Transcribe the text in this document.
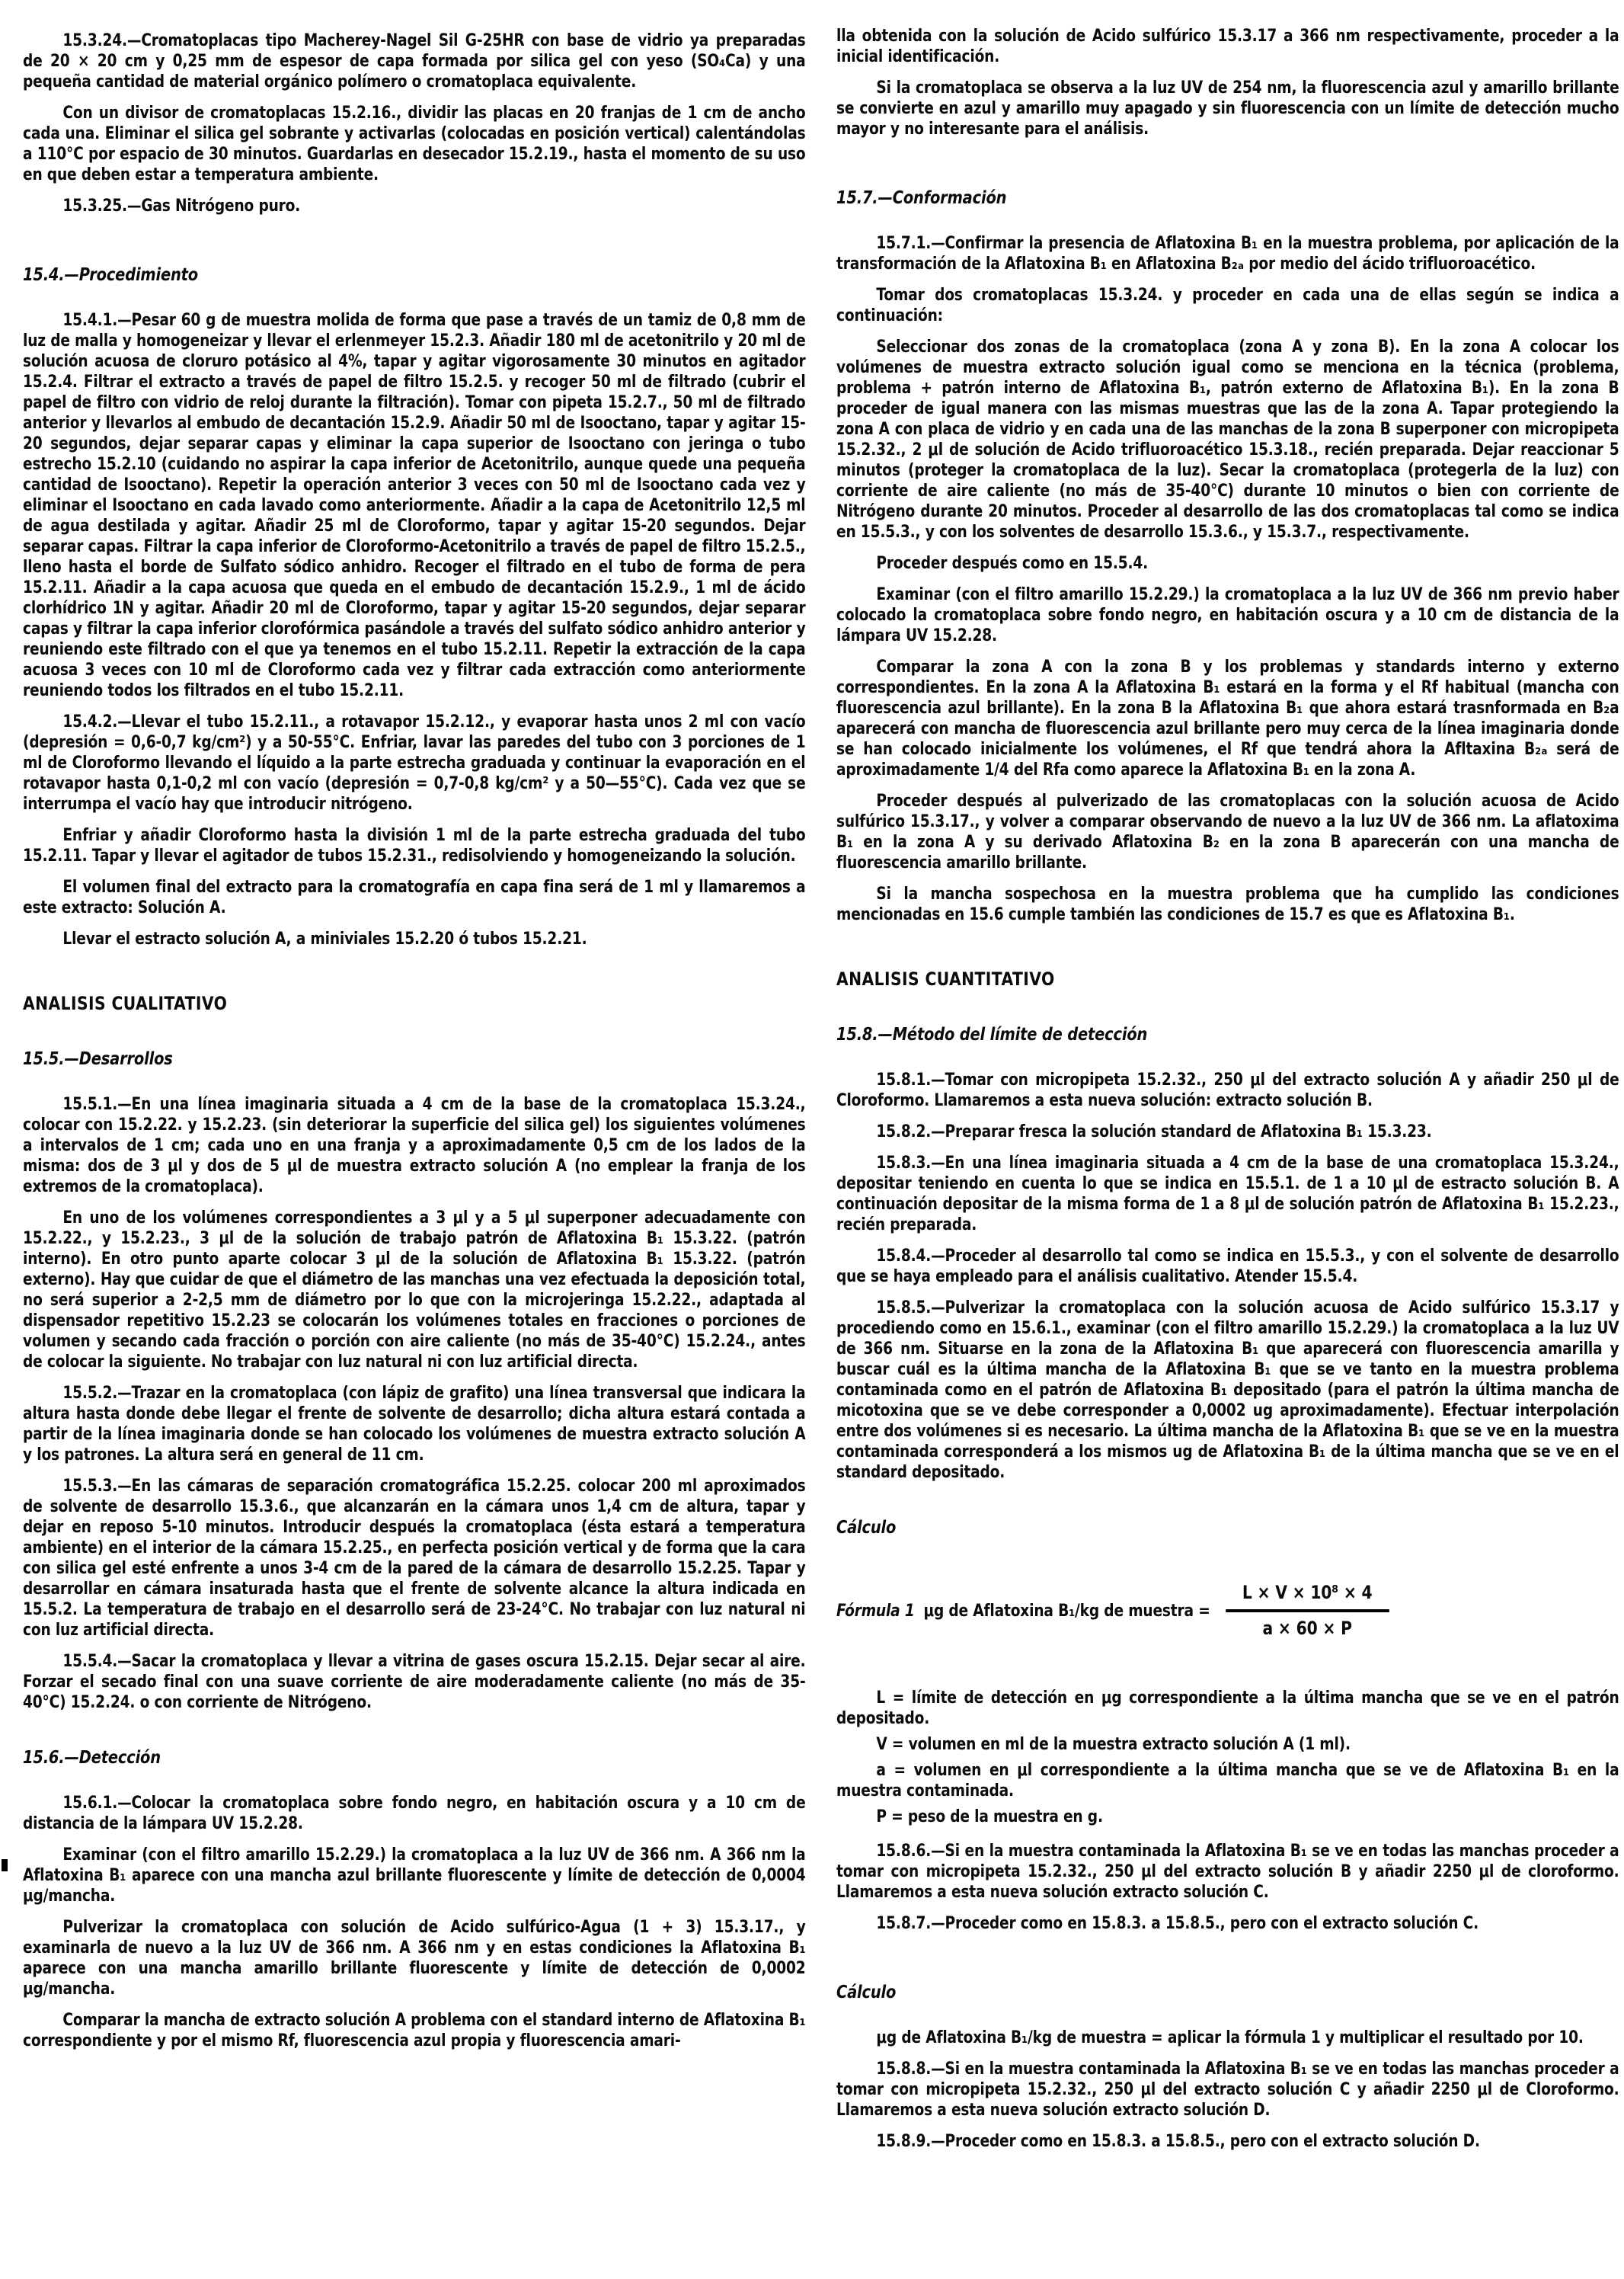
15.3.24.—Cromatoplacas tipo Macherey-Nagel Sil G-25HR con base de vidrio ya preparadas de 20 × 20 cm y 0,25 mm de espesor de capa formada por silica gel con yeso (SO₄Ca) y una pequeña cantidad de material orgánico polímero o cromatoplaca equivalente.

Con un divisor de cromatoplacas 15.2.16., dividir las placas en 20 franjas de 1 cm de ancho cada una. Eliminar el silica gel sobrante y activarlas (colocadas en posición vertical) calentándolas a 110°C por espacio de 30 minutos. Guardarlas en desecador 15.2.19., hasta el momento de su uso en que deben estar a temperatura ambiente.

15.3.25.—Gas Nitrógeno puro.

15.4.—Procedimiento

15.4.1.—Pesar 60 g de muestra molida de forma que pase a través de un tamiz de 0,8 mm de luz de malla y homogeneizar y llevar el erlenmeyer 15.2.3. Añadir 180 ml de acetonitrilo y 20 ml de solución acuosa de cloruro potásico al 4%, tapar y agitar vigorosamente 30 minutos en agitador 15.2.4. Filtrar el extracto a través de papel de filtro 15.2.5. y recoger 50 ml de filtrado (cubrir el papel de filtro con vidrio de reloj durante la filtración). Tomar con pipeta 15.2.7., 50 ml de filtrado anterior y llevarlos al embudo de decantación 15.2.9. Añadir 50 ml de Isooctano, tapar y agitar 15-20 segundos, dejar separar capas y eliminar la capa superior de Isooctano con jeringa o tubo estrecho 15.2.10 (cuidando no aspirar la capa inferior de Acetonitrilo, aunque quede una pequeña cantidad de Isooctano). Repetir la operación anterior 3 veces con 50 ml de Isooctano cada vez y eliminar el Isooctano en cada lavado como anteriormente. Añadir a la capa de Acetonitrilo 12,5 ml de agua destilada y agitar. Añadir 25 ml de Cloroformo, tapar y agitar 15-20 segundos. Dejar separar capas. Filtrar la capa inferior de Cloroformo-Acetonitrilo a través de papel de filtro 15.2.5., lleno hasta el borde de Sulfato sódico anhidro. Recoger el filtrado en el tubo de forma de pera 15.2.11. Añadir a la capa acuosa que queda en el embudo de decantación 15.2.9., 1 ml de ácido clorhídrico 1N y agitar. Añadir 20 ml de Cloroformo, tapar y agitar 15-20 segundos, dejar separar capas y filtrar la capa inferior clorofórmica pasándole a través del sulfato sódico anhidro anterior y reuniendo este filtrado con el que ya tenemos en el tubo 15.2.11. Repetir la extracción de la capa acuosa 3 veces con 10 ml de Cloroformo cada vez y filtrar cada extracción como anteriormente reuniendo todos los filtrados en el tubo 15.2.11.

15.4.2.—Llevar el tubo 15.2.11., a rotavapor 15.2.12., y evaporar hasta unos 2 ml con vacío (depresión = 0,6-0,7 kg/cm²) y a 50-55°C. Enfriar, lavar las paredes del tubo con 3 porciones de 1 ml de Cloroformo llevando el líquido a la parte estrecha graduada y continuar la evaporación en el rotavapor hasta 0,1-0,2 ml con vacío (depresión = 0,7-0,8 kg/cm² y a 50—55°C). Cada vez que se interrumpa el vacío hay que introducir nitrógeno.

Enfriar y añadir Cloroformo hasta la división 1 ml de la parte estrecha graduada del tubo 15.2.11. Tapar y llevar el agitador de tubos 15.2.31., redisolviendo y homogeneizando la solución.

El volumen final del extracto para la cromatografía en capa fina será de 1 ml y llamaremos a este extracto: Solución A.

Llevar el estracto solución A, a miniviales 15.2.20 ó tubos 15.2.21.

ANALISIS CUALITATIVO

15.5.—Desarrollos

15.5.1.—En una línea imaginaria situada a 4 cm de la base de la cromatoplaca 15.3.24., colocar con 15.2.22. y 15.2.23. (sin deteriorar la superficie del silica gel) los siguientes volúmenes a intervalos de 1 cm; cada uno en una franja y a aproximadamente 0,5 cm de los lados de la misma: dos de 3 μl y dos de 5 μl de muestra extracto solución A (no emplear la franja de los extremos de la cromatoplaca).

En uno de los volúmenes correspondientes a 3 μl y a 5 μl superponer adecuadamente con 15.2.22., y 15.2.23., 3 μl de la solución de trabajo patrón de Aflatoxina B₁ 15.3.22. (patrón interno). En otro punto aparte colocar 3 μl de la solución de Aflatoxina B₁ 15.3.22. (patrón externo). Hay que cuidar de que el diámetro de las manchas una vez efectuada la deposición total, no será superior a 2-2,5 mm de diámetro por lo que con la microjeringa 15.2.22., adaptada al dispensador repetitivo 15.2.23 se colocarán los volúmenes totales en fracciones o porciones de volumen y secando cada fracción o porción con aire caliente (no más de 35-40°C) 15.2.24., antes de colocar la siguiente. No trabajar con luz natural ni con luz artificial directa.

15.5.2.—Trazar en la cromatoplaca (con lápiz de grafito) una línea transversal que indicara la altura hasta donde debe llegar el frente de solvente de desarrollo; dicha altura estará contada a partir de la línea imaginaria donde se han colocado los volúmenes de muestra extracto solución A y los patrones. La altura será en general de 11 cm.

15.5.3.—En las cámaras de separación cromatográfica 15.2.25. colocar 200 ml aproximados de solvente de desarrollo 15.3.6., que alcanzarán en la cámara unos 1,4 cm de altura, tapar y dejar en reposo 5-10 minutos. Introducir después la cromatoplaca (ésta estará a temperatura ambiente) en el interior de la cámara 15.2.25., en perfecta posición vertical y de forma que la cara con silica gel esté enfrente a unos 3-4 cm de la pared de la cámara de desarrollo 15.2.25. Tapar y desarrollar en cámara insaturada hasta que el frente de solvente alcance la altura indicada en 15.5.2. La temperatura de trabajo en el desarrollo será de 23-24°C. No trabajar con luz natural ni con luz artificial directa.

15.5.4.—Sacar la cromatoplaca y llevar a vitrina de gases oscura 15.2.15. Dejar secar al aire. Forzar el secado final con una suave corriente de aire moderadamente caliente (no más de 35-40°C) 15.2.24. o con corriente de Nitrógeno.

15.6.—Detección

15.6.1.—Colocar la cromatoplaca sobre fondo negro, en habitación oscura y a 10 cm de distancia de la lámpara UV 15.2.28.

Examinar (con el filtro amarillo 15.2.29.) la cromatoplaca a la luz UV de 366 nm. A 366 nm la Aflatoxina B₁ aparece con una mancha azul brillante fluorescente y límite de detección de 0,0004 μg/mancha.

Pulverizar la cromatoplaca con solución de Acido sulfúrico-Agua (1 + 3) 15.3.17., y examinarla de nuevo a la luz UV de 366 nm. A 366 nm y en estas condiciones la Aflatoxina B₁ aparece con una mancha amarillo brillante fluorescente y límite de detección de 0,0002 μg/mancha.

Comparar la mancha de extracto solución A problema con el standard interno de Aflatoxina B₁ correspondiente y por el mismo Rf, fluorescencia azul propia y fluorescencia amari-

lla obtenida con la solución de Acido sulfúrico 15.3.17 a 366 nm respectivamente, proceder a la inicial identificación.

Si la cromatoplaca se observa a la luz UV de 254 nm, la fluorescencia azul y amarillo brillante se convierte en azul y amarillo muy apagado y sin fluorescencia con un límite de detección mucho mayor y no interesante para el análisis.

15.7.—Conformación

15.7.1.—Confirmar la presencia de Aflatoxina B₁ en la muestra problema, por aplicación de la transformación de la Aflatoxina B₁ en Aflatoxina B₂ₐ por medio del ácido trifluoroacético.

Tomar dos cromatoplacas 15.3.24. y proceder en cada una de ellas según se indica a continuación:

Seleccionar dos zonas de la cromatoplaca (zona A y zona B). En la zona A colocar los volúmenes de muestra extracto solución igual como se menciona en la técnica (problema, problema + patrón interno de Aflatoxina B₁, patrón externo de Aflatoxina B₁). En la zona B proceder de igual manera con las mismas muestras que las de la zona A. Tapar protegiendo la zona A con placa de vidrio y en cada una de las manchas de la zona B superponer con micropipeta 15.2.32., 2 μl de solución de Acido trifluoroacético 15.3.18., recién preparada. Dejar reaccionar 5 minutos (proteger la cromatoplaca de la luz). Secar la cromatoplaca (protegerla de la luz) con corriente de aire caliente (no más de 35-40°C) durante 10 minutos o bien con corriente de Nitrógeno durante 20 minutos. Proceder al desarrollo de las dos cromatoplacas tal como se indica en 15.5.3., y con los solventes de desarrollo 15.3.6., y 15.3.7., respectivamente.

Proceder después como en 15.5.4.

Examinar (con el filtro amarillo 15.2.29.) la cromatoplaca a la luz UV de 366 nm previo haber colocado la cromatoplaca sobre fondo negro, en habitación oscura y a 10 cm de distancia de la lámpara UV 15.2.28.

Comparar la zona A con la zona B y los problemas y standards interno y externo correspondientes. En la zona A la Aflatoxina B₁ estará en la forma y el Rf habitual (mancha con fluorescencia azul brillante). En la zona B la Aflatoxina B₁ que ahora estará trasnformada en B₂a aparecerá con mancha de fluorescencia azul brillante pero muy cerca de la línea imaginaria donde se han colocado inicialmente los volúmenes, el Rf que tendrá ahora la Afltaxina B₂ₐ será de aproximadamente 1/4 del Rfa como aparece la Aflatoxina B₁ en la zona A.

Proceder después al pulverizado de las cromatoplacas con la solución acuosa de Acido sulfúrico 15.3.17., y volver a comparar observando de nuevo a la luz UV de 366 nm. La aflatoxima B₁ en la zona A y su derivado Aflatoxina B₂ en la zona B aparecerán con una mancha de fluorescencia amarillo brillante.

Si la mancha sospechosa en la muestra problema que ha cumplido las condiciones mencionadas en 15.6 cumple también las condiciones de 15.7 es que es Aflatoxina B₁.

ANALISIS CUANTITATIVO

15.8.—Método del límite de detección

15.8.1.—Tomar con micropipeta 15.2.32., 250 μl del extracto solución A y añadir 250 μl de Cloroformo. Llamaremos a esta nueva solución: extracto solución B.

15.8.2.—Preparar fresca la solución standard de Aflatoxina B₁ 15.3.23.

15.8.3.—En una línea imaginaria situada a 4 cm de la base de una cromatoplaca 15.3.24., depositar teniendo en cuenta lo que se indica en 15.5.1. de 1 a 10 μl de estracto solución B. A continuación depositar de la misma forma de 1 a 8 μl de solución patrón de Aflatoxina B₁ 15.2.23., recién preparada.

15.8.4.—Proceder al desarrollo tal como se indica en 15.5.3., y con el solvente de desarrollo que se haya empleado para el análisis cualitativo. Atender 15.5.4.

15.8.5.—Pulverizar la cromatoplaca con la solución acuosa de Acido sulfúrico 15.3.17 y procediendo como en 15.6.1., examinar (con el filtro amarillo 15.2.29.) la cromatoplaca a la luz UV de 366 nm. Situarse en la zona de la Aflatoxina B₁ que aparecerá con fluorescencia amarilla y buscar cuál es la última mancha de la Aflatoxina B₁ que se ve tanto en la muestra problema contaminada como en el patrón de Aflatoxina B₁ depositado (para el patrón la última mancha de micotoxina que se ve debe corresponder a 0,0002 ug aproximadamente). Efectuar interpolación entre dos volúmenes si es necesario. La última mancha de la Aflatoxina B₁ que se ve en la muestra contaminada corresponderá a los mismos ug de Aflatoxina B₁ de la última mancha que se ve en el standard depositado.

Cálculo

Fórmula 1 μg de Aflatoxina B₁/kg de muestra = $\frac{\text{L × V × 10⁸ × 4}}{a \times 60 \times P}$

L = límite de detección en μg correspondiente a la última mancha que se ve en el patrón depositado.

V = volumen en ml de la muestra extracto solución A (1 ml).

a = volumen en μl correspondiente a la última mancha que se ve de Aflatoxina B₁ en la muestra contaminada.

P = peso de la muestra en g.

15.8.6.—Si en la muestra contaminada la Aflatoxina B₁ se ve en todas las manchas proceder a tomar con micropipeta 15.2.32., 250 μl del extracto solución B y añadir 2250 μl de cloroformo. Llamaremos a esta nueva solución extracto solución C.

15.8.7.—Proceder como en 15.8.3. a 15.8.5., pero con el extracto solución C.

Cálculo

μg de Aflatoxina B₁/kg de muestra = aplicar la fórmula 1 y multiplicar el resultado por 10.

15.8.8.—Si en la muestra contaminada la Aflatoxina B₁ se ve en todas las manchas proceder a tomar con micropipeta 15.2.32., 250 μl del extracto solución C y añadir 2250 μl de Cloroformo. Llamaremos a esta nueva solución extracto solución D.

15.8.9.—Proceder como en 15.8.3. a 15.8.5., pero con el extracto solución D.
